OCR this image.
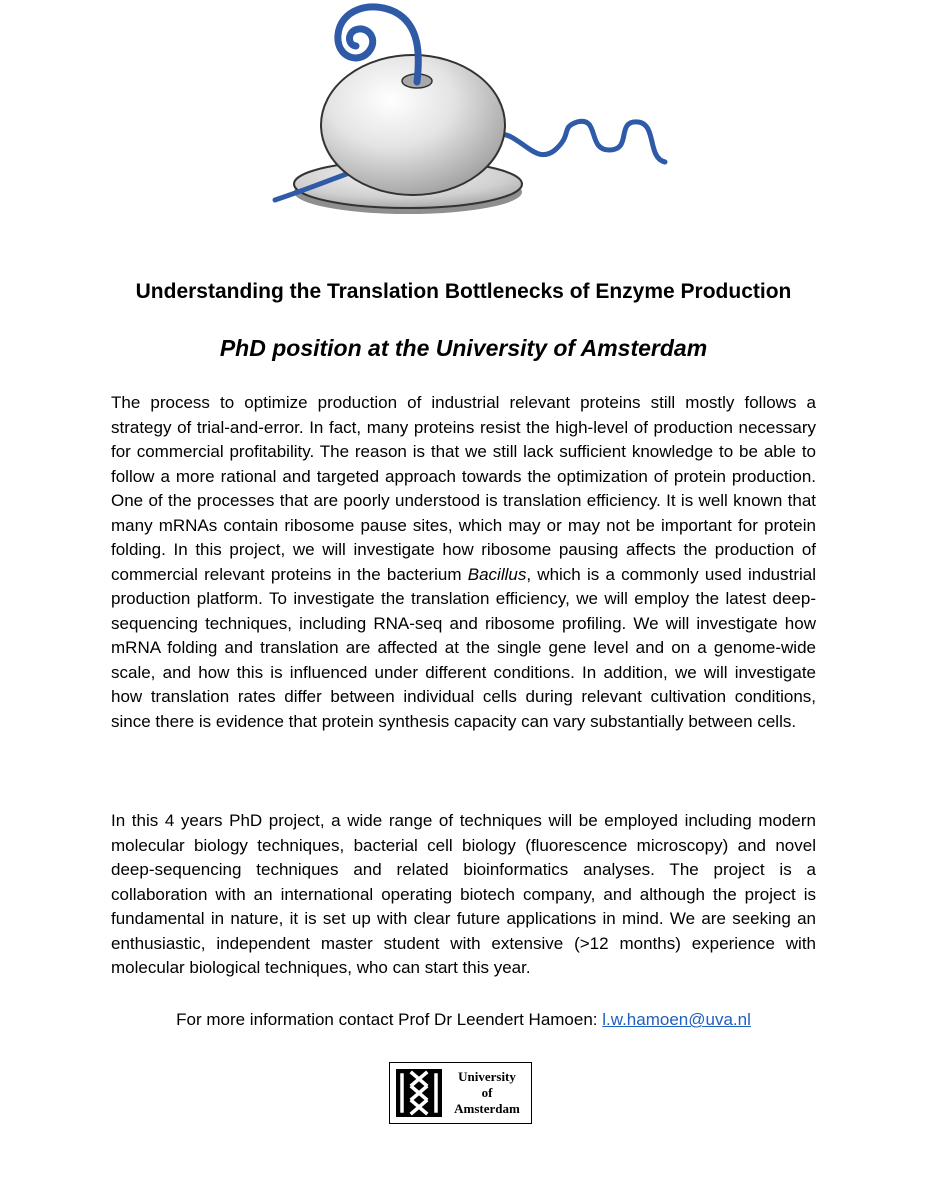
Understanding the Translation Bottlenecks of Enzyme Production
PhD position at the University of Amsterdam

The process to optimize production of industrial relevant proteins still mostly follows a strategy of trial-and-error. In fact, many proteins resist the high-level of production necessary for commercial profitability. The reason is that we still lack sufficient knowledge to be able to follow a more rational and targeted approach towards the optimization of protein production. One of the processes that are poorly understood is translation efficiency. It is well known that many mRNAs contain ribosome pause sites, which may or may not be important for protein folding. In this project, we will investigate how ribosome pausing affects the production of commercial relevant proteins in the bacterium Bacillus, which is a commonly used industrial production platform. To investigate the translation efficiency, we will employ the latest deep-sequencing techniques, including RNA-seq and ribosome profiling. We will investigate how mRNA folding and translation are affected at the single gene level and on a genome-wide scale, and how this is influenced under different conditions. In addition, we will investigate how translation rates differ between individual cells during relevant cultivation conditions, since there is evidence that protein synthesis capacity can vary substantially between cells.

In this 4 years PhD project, a wide range of techniques will be employed including modern molecular biology techniques, bacterial cell biology (fluorescence microscopy) and novel deep-sequencing techniques and related bioinformatics analyses. The project is a collaboration with an international operating biotech company, and although the project is fundamental in nature, it is set up with clear future applications in mind. We are seeking an enthusiastic, independent master student with extensive (>12 months) experience with molecular biological techniques, who can start this year.

For more information contact Prof Dr Leendert Hamoen: l.w.hamoen@uva.nl

University
of
Amsterdam
